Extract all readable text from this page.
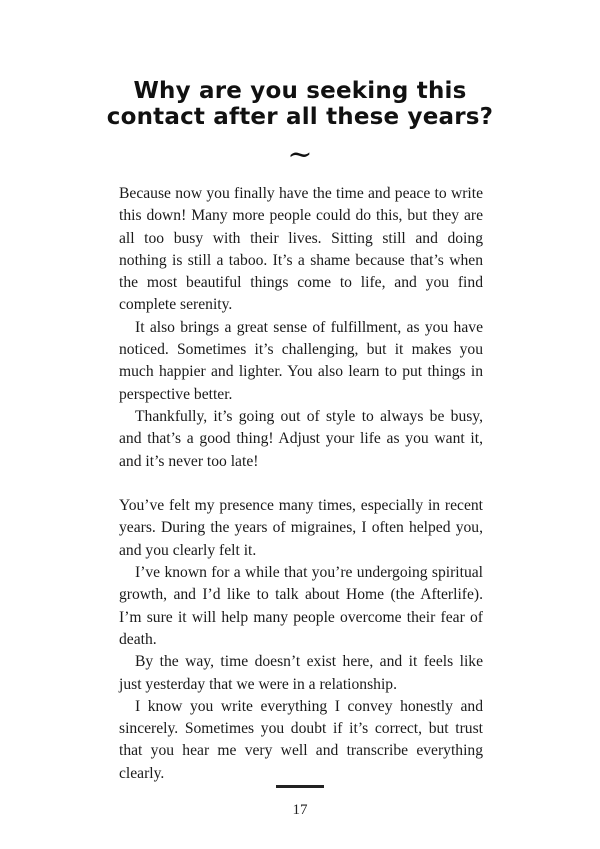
Why are you seeking this
contact after all these years?
~

Because now you finally have the time and peace to write this down! Many more people could do this, but they are all too busy with their lives. Sitting still and doing nothing is still a taboo. It’s a shame because that’s when the most beautiful things come to life, and you find complete serenity.

It also brings a great sense of fulfillment, as you have noticed. Sometimes it’s challenging, but it makes you much happier and lighter. You also learn to put things in perspective better.

Thankfully, it’s going out of style to always be busy, and that’s a good thing! Adjust your life as you want it, and it’s never too late!

You’ve felt my presence many times, especially in recent years. During the years of migraines, I often helped you, and you clearly felt it.

I’ve known for a while that you’re undergoing spiritual growth, and I’d like to talk about Home (the Afterlife). I’m sure it will help many people overcome their fear of death.

By the way, time doesn’t exist here, and it feels like just yesterday that we were in a relationship.

I know you write everything I convey honestly and sincerely. Sometimes you doubt if it’s correct, but trust that you hear me very well and transcribe everything clearly.

17
